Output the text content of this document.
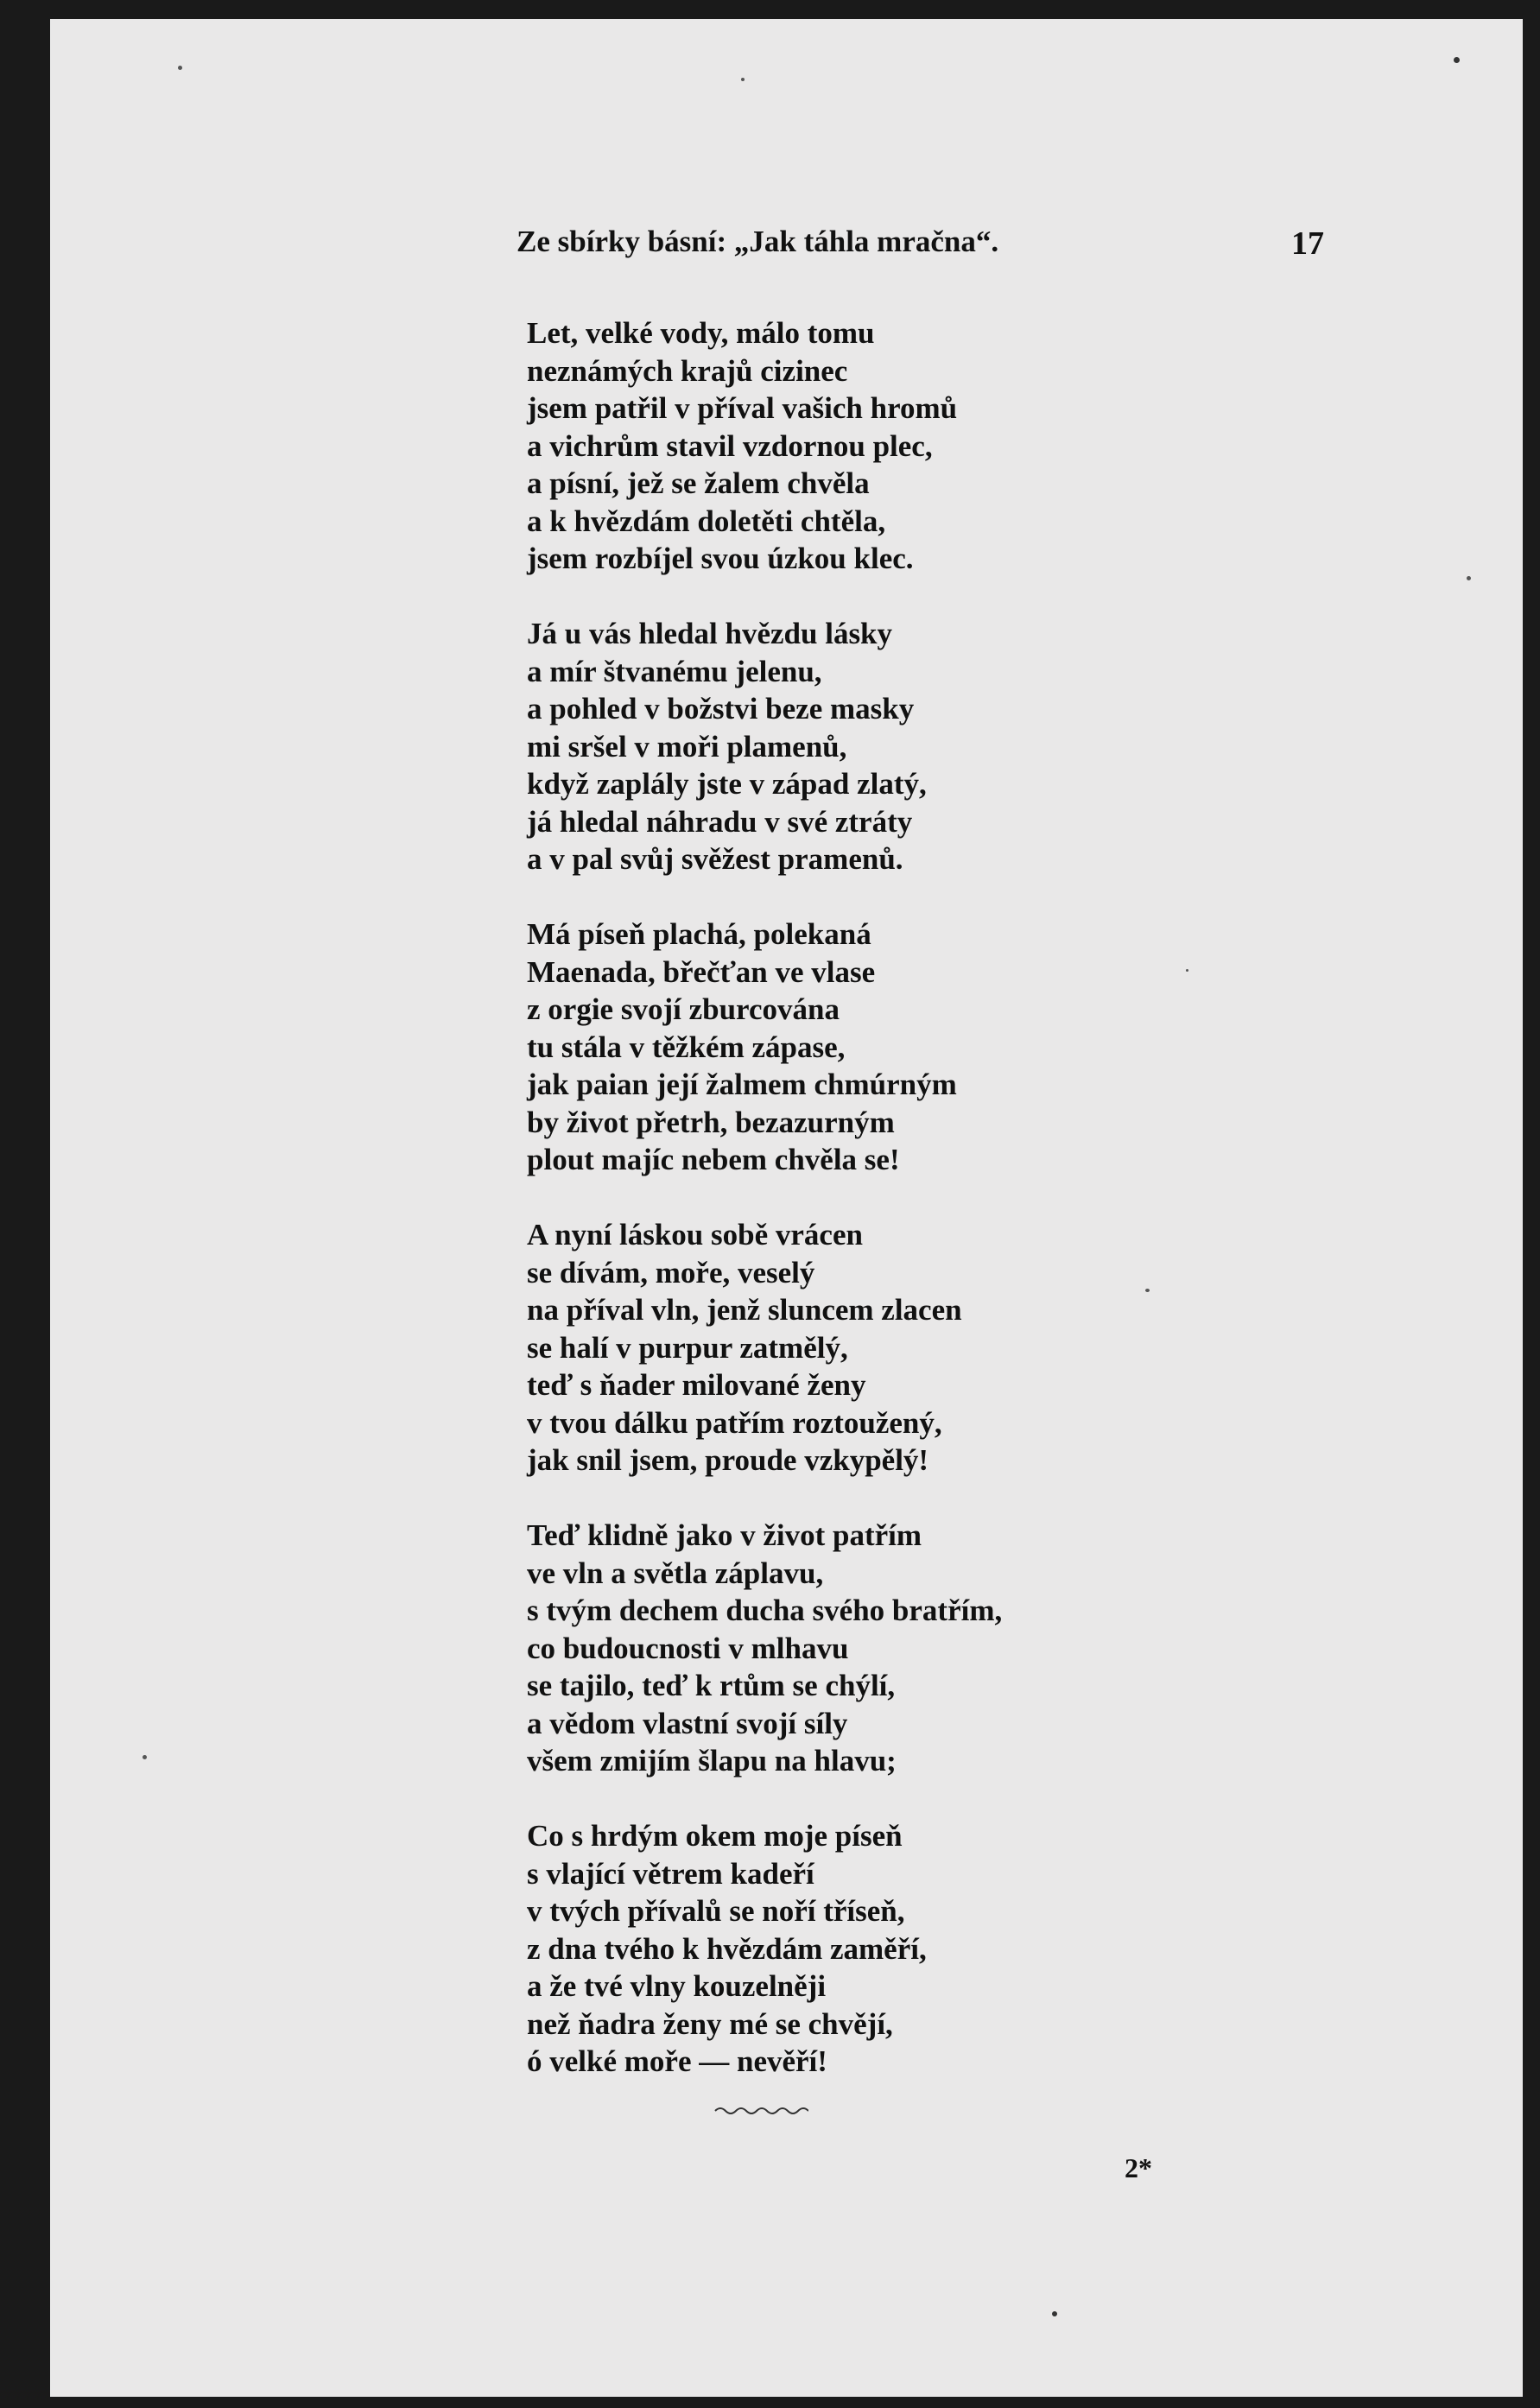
Ze sbírky básní: „Jak táhla mračna“.	17
Let, velké vody, málo tomu
neznámých krajů cizinec
jsem patřil v příval vašich hromů
a vichrům stavil vzdornou plec,
a písní, jež se žalem chvěla
a k hvězdám doletěti chtěla,
jsem rozbíjel svou úzkou klec.
Já u vás hledal hvězdu lásky
a mír štvanému jelenu,
a pohled v božstvi beze masky
mi sršel v moři plamenů,
když zaplály jste v západ zlatý,
já hledal náhradu v své ztráty
a v pal svůj svěžest pramenů.
Má píseň plachá, polekaná
Maenada, břečťan ve vlase
z orgie svojí zburcována
tu stála v těžkém zápase,
jak paian její žalmem chmúrným
by život přetrh, bezazurným
plout majíc nebem chvěla se!
A nyní láskou sobě vrácen
se dívám, moře, veselý
na příval vln, jenž sluncem zlacen
se halí v purpur zatmělý,
teď s ňader milované ženy
v tvou dálku patřím roztoužený,
jak snil jsem, proude vzkypělý!
Teď klidně jako v život patřím
ve vln a světla záplavu,
s tvým dechem ducha svého bratřím,
co budoucnosti v mlhavu
se tajilo, teď k rtům se chýlí,
a vědom vlastní svojí síly
všem zmijím šlapu na hlavu;
Co s hrdým okem moje píseň
s vlající větrem kadeří
v tvých přívalů se noří tříseň,
z dna tvého k hvězdám zaměří,
a že tvé vlny kouzelněji
než ňadra ženy mé se chvějí,
ó velké moře — nevěří!
2*
